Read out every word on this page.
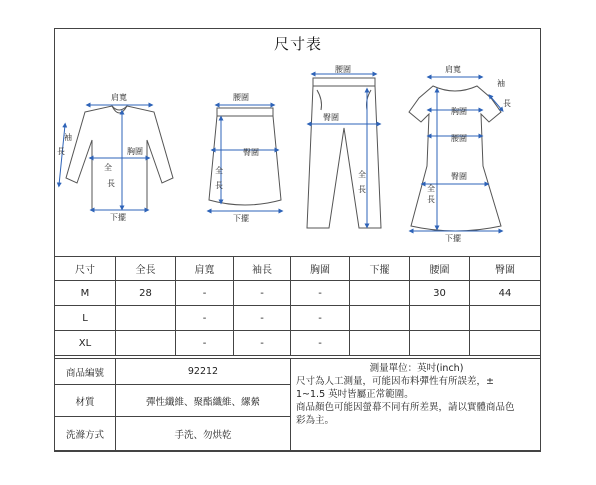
尺寸表
肩寬
袖
長	胸圍
全
長
下擺
腰圍
臀圍
全
長
下擺
腰圍
臀圍
全
長
肩寬
袖
長
胸圍
腰圍
臀圍
全
長
下擺
尺寸	全長	肩寬	袖長	胸圍	下擺	腰圍	臀圍
M	28	-	-	-		30	44
L		-	-	-			
XL		-	-	-			
商品編號	92212	測量單位：英吋(inch)
尺寸為人工測量，可能因布料彈性有所誤差，±
1~1.5 英吋皆屬正常範圍。
商品顏色可能因螢幕不同有所差異，請以實體商品色
彩為主。

材質	彈性纖維、聚酯纖維、縲縈	
洗滌方式	手洗、勿烘乾	
